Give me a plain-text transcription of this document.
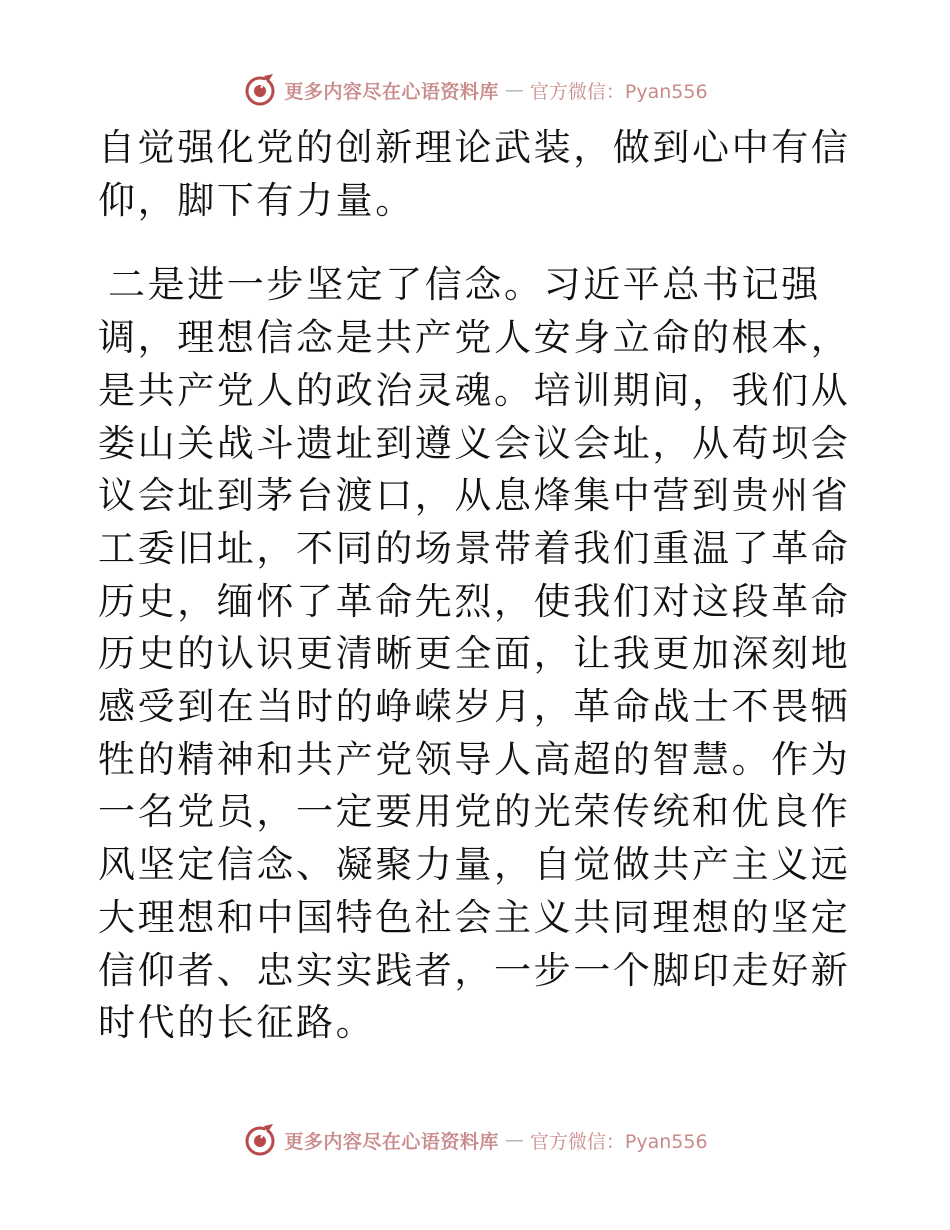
更多内容尽在心语资料库 — 官方微信：Pyan556

自觉强化党的创新理论武装，做到心中有信仰，脚下有力量。

二是进一步坚定了信念。习近平总书记强调，理想信念是共产党人安身立命的根本，是共产党人的政治灵魂。培训期间，我们从娄山关战斗遗址到遵义会议会址，从苟坝会议会址到茅台渡口，从息烽集中营到贵州省工委旧址，不同的场景带着我们重温了革命历史，缅怀了革命先烈，使我们对这段革命历史的认识更清晰更全面，让我更加深刻地感受到在当时的峥嵘岁月，革命战士不畏牺牲的精神和共产党领导人高超的智慧。作为一名党员，一定要用党的光荣传统和优良作风坚定信念、凝聚力量，自觉做共产主义远大理想和中国特色社会主义共同理想的坚定信仰者、忠实实践者，一步一个脚印走好新时代的长征路。

更多内容尽在心语资料库 — 官方微信：Pyan556
